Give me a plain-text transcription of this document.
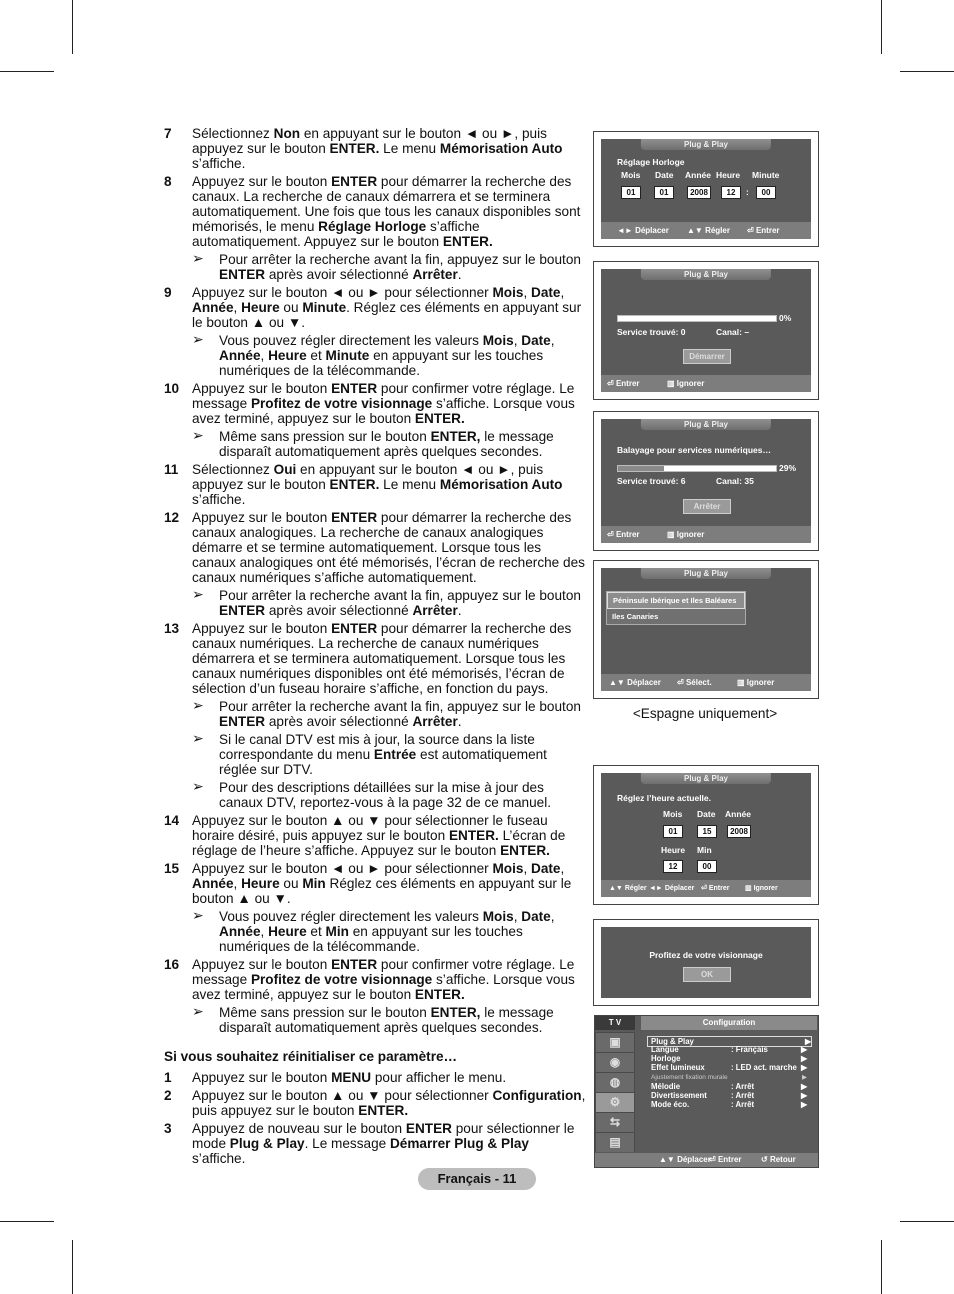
7	Sélectionnez Non en appuyant sur le bouton ◄ ou ►, puis appuyez sur le bouton ENTER. Le menu Mémorisation Auto s’affiche.
8	Appuyez sur le bouton ENTER pour démarrer la recherche des canaux. La recherche de canaux démarrera et se terminera automatiquement. Une fois que tous les canaux disponibles sont mémorisés, le menu Réglage Horloge s’affiche automatiquement. Appuyez sur le bouton ENTER.
➢ Pour arrêter la recherche avant la fin, appuyez sur le bouton ENTER après avoir sélectionné Arrêter.
9	Appuyez sur le bouton ◄ ou ► pour sélectionner Mois, Date, Année, Heure ou Minute. Réglez ces éléments en appuyant sur le bouton ▲ ou ▼.
➢ Vous pouvez régler directement les valeurs Mois, Date, Année, Heure et Minute en appuyant sur les touches numériques de la télécommande.
10 Appuyez sur le bouton ENTER pour confirmer votre réglage. Le message Profitez de votre visionnage s’affiche. Lorsque vous avez terminé, appuyez sur le bouton ENTER.
➢ Même sans pression sur le bouton ENTER, le message disparaît automatiquement après quelques secondes.
11	Sélectionnez Oui en appuyant sur le bouton ◄ ou ►, puis appuyez sur le bouton ENTER. Le menu Mémorisation Auto s’affiche.
12 Appuyez sur le bouton ENTER pour démarrer la recherche des canaux analogiques. La recherche de canaux analogiques démarre et se termine automatiquement. Lorsque tous les canaux analogiques ont été mémorisés, l’écran de recherche des canaux numériques s’affiche automatiquement.
➢ Pour arrêter la recherche avant la fin, appuyez sur le bouton ENTER après avoir sélectionné Arrêter.
13 Appuyez sur le bouton ENTER pour démarrer la recherche des canaux numériques. La recherche de canaux numériques démarrera et se terminera automatiquement. Lorsque tous les canaux numériques disponibles ont été mémorisés, l’écran de sélection d’un fuseau horaire s’affiche, en fonction du pays.
➢ Pour arrêter la recherche avant la fin, appuyez sur le bouton ENTER après avoir sélectionné Arrêter.
➢ Si le canal DTV est mis à jour, la source dans la liste correspondante du menu Entrée est automatiquement réglée sur DTV.
➢ Pour des descriptions détaillées sur la mise à jour des canaux DTV, reportez-vous à la page 32 de ce manuel.
14 Appuyez sur le bouton ▲ ou ▼ pour sélectionner le fuseau horaire désiré, puis appuyez sur le bouton ENTER. L’écran de réglage de l’heure s’affiche. Appuyez sur le bouton ENTER.
15 Appuyez sur le bouton ◄ ou ► pour sélectionner Mois, Date, Année, Heure ou Min Réglez ces éléments en appuyant sur le bouton ▲ ou ▼.
➢ Vous pouvez régler directement les valeurs Mois, Date, Année, Heure et Min en appuyant sur les touches numériques de la télécommande.
16 Appuyez sur le bouton ENTER pour confirmer votre réglage. Le message Profitez de votre visionnage s’affiche. Lorsque vous avez terminé, appuyez sur le bouton ENTER.
➢ Même sans pression sur le bouton ENTER, le message disparaît automatiquement après quelques secondes.
Si vous souhaitez réinitialiser ce paramètre…
1	Appuyez sur le bouton MENU pour afficher le menu.
2	Appuyez sur le bouton ▲ ou ▼ pour sélectionner Configuration, puis appuyez sur le bouton ENTER.
3	Appuyez de nouveau sur le bouton ENTER pour sélectionner le mode Plug & Play. Le message Démarrer Plug & Play s’affiche.
Français - 11
Plug & Play
Réglage Horloge
Mois Date Année Heure Minute
01	01	2008	12	:	00
◄► Déplacer ▲▼ Régler ⏎ Entrer
Plug & Play
0%
Service trouvé: 0	Canal: –
Démarrer
⏎ Entrer	▥ Ignorer
Plug & Play
Balayage pour services numériques…
29%
Service trouvé: 6	Canal: 35
Arrêter
⏎ Entrer	▥ Ignorer
Plug & Play
Péninsule Ibérique et Iles Baléares
Iles Canaries
▲▼ Déplacer ⏎ Sélect.	▥ Ignorer
<Espagne uniquement>
Plug & Play
Réglez l’heure actuelle.
Mois Date Année
01	15	2008
Heure Min
12	00
▲▼ Régler ◄► Déplacer ⏎ Entrer ▥ Ignorer
Profitez de votre visionnage
OK
T V	Configuration
▣
◉
◍
⚙
⇆
▤
Plug & Play	▶
Langue	: Français	▶
Horloge	▶
Effet lumineux	: LED act. marche ▶
Ajustement fixation murale	▶
Mélodie	: Arrêt	▶
Divertissement	: Arrêt	▶
Mode éco.	: Arrêt	▶
▲▼ Déplacer
⏎ Entrer ↺ Retour
